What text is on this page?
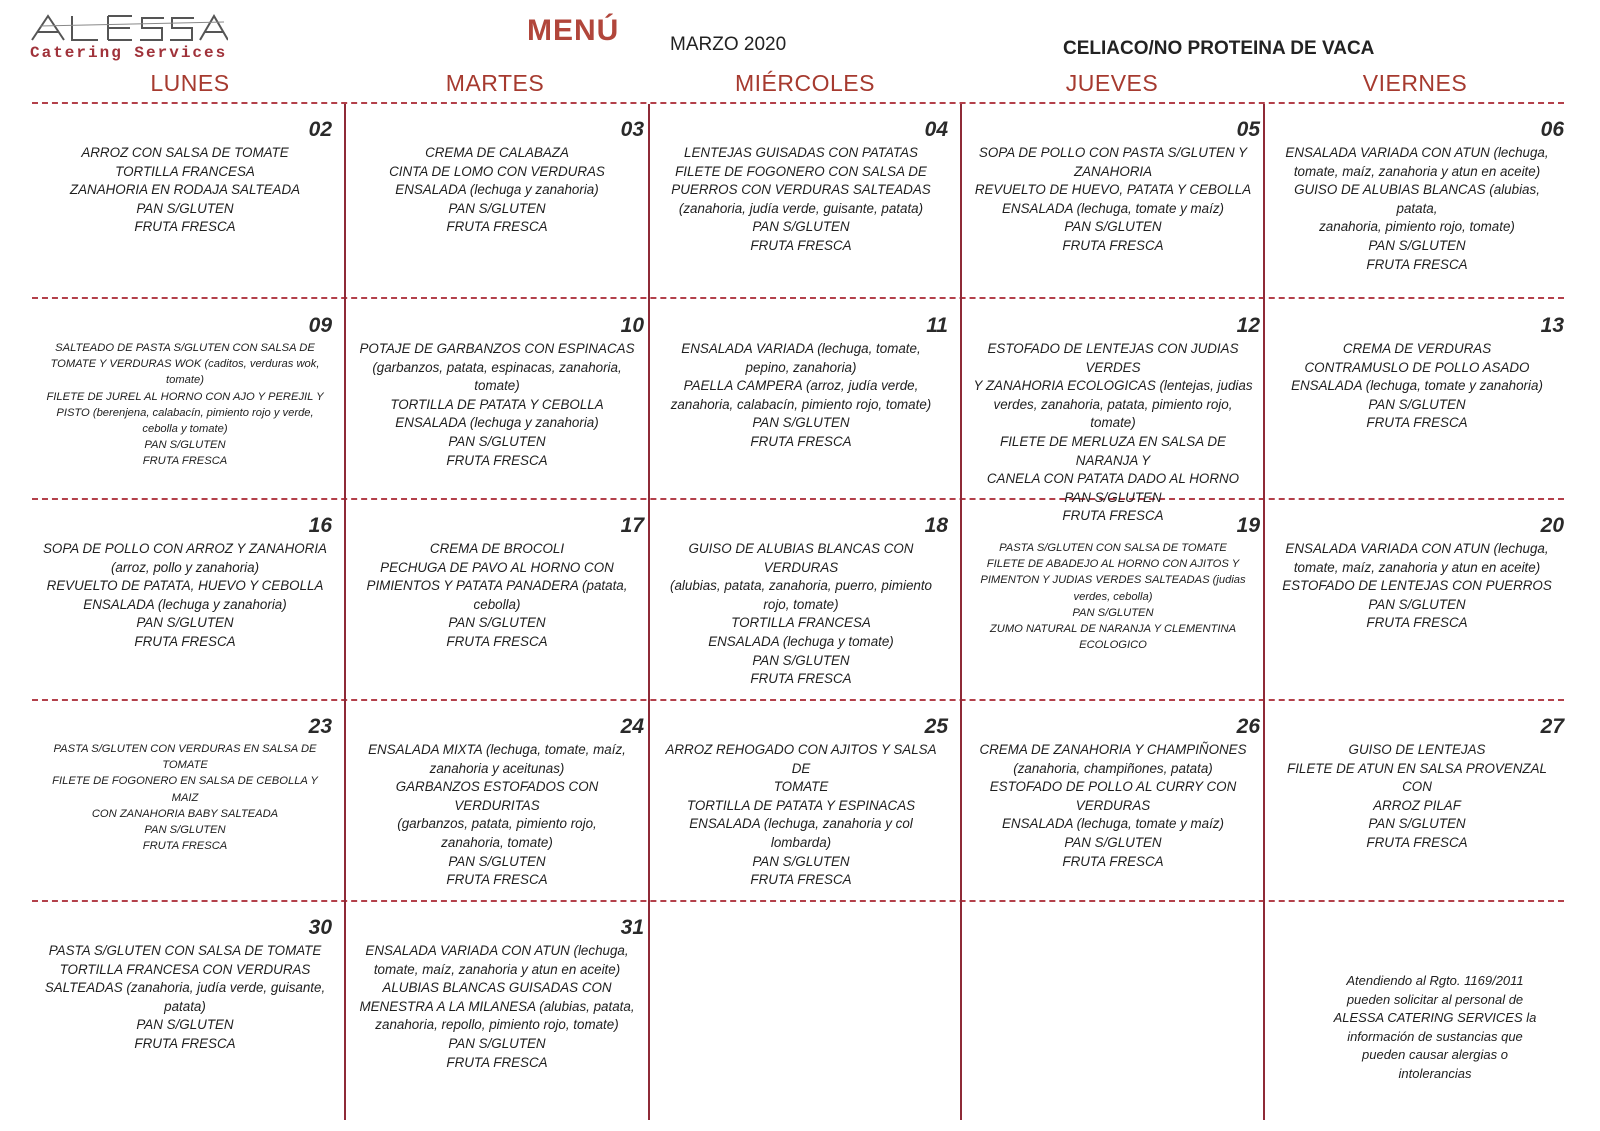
Catering Services
MENÚ	MARZO 2020	CELIACO/NO PROTEINA DE VACA
LUNES	MARTES	MIÉRCOLES	JUEVES	VIERNES
02
ARROZ CON SALSA DE TOMATE
TORTILLA FRANCESA
ZANAHORIA EN RODAJA SALTEADA
PAN S/GLUTEN
FRUTA FRESCA
03
CREMA DE CALABAZA
CINTA DE LOMO CON VERDURAS
ENSALADA (lechuga y zanahoria)
PAN S/GLUTEN
FRUTA FRESCA
04
LENTEJAS GUISADAS CON PATATAS
FILETE DE FOGONERO CON SALSA DE
PUERROS CON VERDURAS SALTEADAS
(zanahoria, judía verde, guisante, patata)
PAN S/GLUTEN
FRUTA FRESCA
05
SOPA DE POLLO CON PASTA S/GLUTEN Y
ZANAHORIA
REVUELTO DE HUEVO, PATATA Y CEBOLLA
ENSALADA (lechuga, tomate y maíz)
PAN S/GLUTEN
FRUTA FRESCA
06
ENSALADA VARIADA CON ATUN (lechuga,
tomate, maíz, zanahoria y atun en aceite)
GUISO DE ALUBIAS BLANCAS (alubias, patata,
zanahoria, pimiento rojo, tomate)
PAN S/GLUTEN
FRUTA FRESCA
09
SALTEADO DE PASTA S/GLUTEN CON SALSA DE
TOMATE Y VERDURAS WOK (caditos, verduras wok,
tomate)
FILETE DE JUREL AL HORNO CON AJO Y PEREJIL Y
PISTO (berenjena, calabacín, pimiento rojo y verde,
cebolla y tomate)
PAN S/GLUTEN
FRUTA FRESCA
10
POTAJE DE GARBANZOS CON ESPINACAS
(garbanzos, patata, espinacas, zanahoria,
tomate)
TORTILLA DE PATATA Y CEBOLLA
ENSALADA (lechuga y zanahoria)
PAN S/GLUTEN
FRUTA FRESCA
11
ENSALADA VARIADA (lechuga, tomate,
pepino, zanahoria)
PAELLA CAMPERA (arroz, judía verde,
zanahoria, calabacín, pimiento rojo, tomate)
PAN S/GLUTEN
FRUTA FRESCA
12
ESTOFADO DE LENTEJAS CON JUDIAS VERDES
Y ZANAHORIA ECOLOGICAS (lentejas, judias
verdes, zanahoria, patata, pimiento rojo,
tomate)
FILETE DE MERLUZA EN SALSA DE NARANJA Y
CANELA CON PATATA DADO AL HORNO
PAN S/GLUTEN
FRUTA FRESCA
13
CREMA DE VERDURAS
CONTRAMUSLO DE POLLO ASADO
ENSALADA (lechuga, tomate y zanahoria)
PAN S/GLUTEN
FRUTA FRESCA
16
SOPA DE POLLO CON ARROZ Y ZANAHORIA
(arroz, pollo y zanahoria)
REVUELTO DE PATATA, HUEVO Y CEBOLLA
ENSALADA (lechuga y zanahoria)
PAN S/GLUTEN
FRUTA FRESCA
17
CREMA DE BROCOLI
PECHUGA DE PAVO AL HORNO CON
PIMIENTOS Y PATATA PANADERA (patata,
cebolla)
PAN S/GLUTEN
FRUTA FRESCA
18
GUISO DE ALUBIAS BLANCAS CON VERDURAS
(alubias, patata, zanahoria, puerro, pimiento
rojo, tomate)
TORTILLA FRANCESA
ENSALADA (lechuga y tomate)
PAN S/GLUTEN
FRUTA FRESCA
19
PASTA S/GLUTEN CON SALSA DE TOMATE
FILETE DE ABADEJO AL HORNO CON AJITOS Y
PIMENTON Y JUDIAS VERDES SALTEADAS (judias
verdes, cebolla)
PAN S/GLUTEN
ZUMO NATURAL DE NARANJA Y CLEMENTINA
ECOLOGICO
20
ENSALADA VARIADA CON ATUN (lechuga,
tomate, maíz, zanahoria y atun en aceite)
ESTOFADO DE LENTEJAS CON PUERROS
PAN S/GLUTEN
FRUTA FRESCA
23
PASTA S/GLUTEN CON VERDURAS EN SALSA DE
TOMATE
FILETE DE FOGONERO EN SALSA DE CEBOLLA Y MAIZ
CON ZANAHORIA BABY SALTEADA
PAN S/GLUTEN
FRUTA FRESCA
24
ENSALADA MIXTA (lechuga, tomate, maíz,
zanahoria y aceitunas)
GARBANZOS ESTOFADOS CON VERDURITAS
(garbanzos, patata, pimiento rojo,
zanahoria, tomate)
PAN S/GLUTEN
FRUTA FRESCA
25
ARROZ REHOGADO CON AJITOS Y SALSA DE
TOMATE
TORTILLA DE PATATA Y ESPINACAS
ENSALADA (lechuga, zanahoria y col
lombarda)
PAN S/GLUTEN
FRUTA FRESCA
26
CREMA DE ZANAHORIA Y CHAMPIÑONES
(zanahoria, champiñones, patata)
ESTOFADO DE POLLO AL CURRY CON
VERDURAS
ENSALADA (lechuga, tomate y maíz)
PAN S/GLUTEN
FRUTA FRESCA
27
GUISO DE LENTEJAS
FILETE DE ATUN EN SALSA PROVENZAL CON
ARROZ PILAF
PAN S/GLUTEN
FRUTA FRESCA
30
PASTA S/GLUTEN CON SALSA DE TOMATE
TORTILLA FRANCESA CON VERDURAS
SALTEADAS (zanahoria, judía verde, guisante,
patata)
PAN S/GLUTEN
FRUTA FRESCA
31
ENSALADA VARIADA CON ATUN (lechuga,
tomate, maíz, zanahoria y atun en aceite)
ALUBIAS BLANCAS GUISADAS CON
MENESTRA A LA MILANESA (alubias, patata,
zanahoria, repollo, pimiento rojo, tomate)
PAN S/GLUTEN
FRUTA FRESCA
Atendiendo al Rgto. 1169/2011
pueden solicitar al personal de
ALESSA CATERING SERVICES la
información de sustancias que
pueden causar alergias o
intolerancias
